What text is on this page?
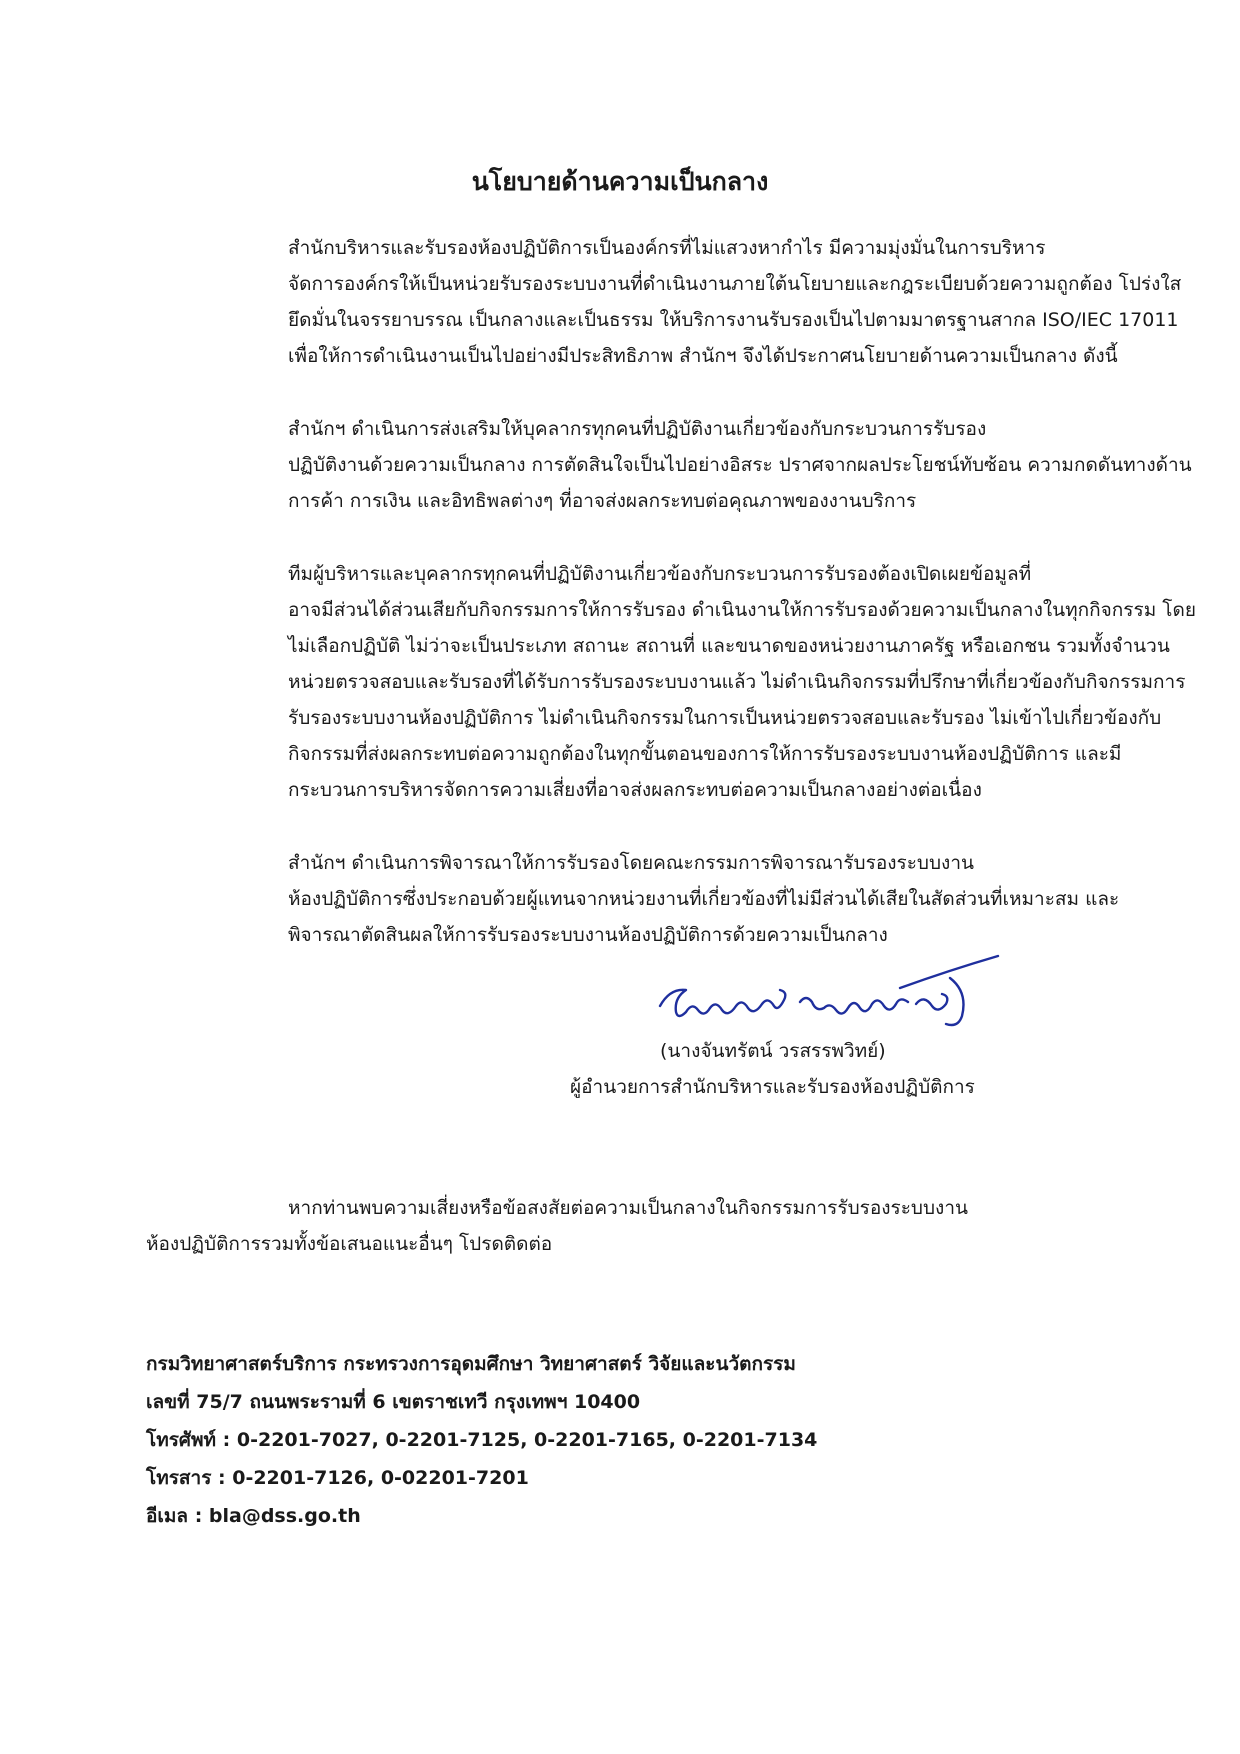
นโยบายด้านความเป็นกลาง

สำนักบริหารและรับรองห้องปฏิบัติการเป็นองค์กรที่ไม่แสวงหากำไร มีความมุ่งมั่นในการบริหาร
จัดการองค์กรให้เป็นหน่วยรับรองระบบงานที่ดำเนินงานภายใต้นโยบายและกฎระเบียบด้วยความถูกต้อง โปร่งใส
ยึดมั่นในจรรยาบรรณ เป็นกลางและเป็นธรรม ให้บริการงานรับรองเป็นไปตามมาตรฐานสากล ISO/IEC 17011
เพื่อให้การดำเนินงานเป็นไปอย่างมีประสิทธิภาพ สำนักฯ จึงได้ประกาศนโยบายด้านความเป็นกลาง ดังนี้

สำนักฯ ดำเนินการส่งเสริมให้บุคลากรทุกคนที่ปฏิบัติงานเกี่ยวข้องกับกระบวนการรับรอง
ปฏิบัติงานด้วยความเป็นกลาง การตัดสินใจเป็นไปอย่างอิสระ ปราศจากผลประโยชน์ทับซ้อน ความกดดันทางด้าน
การค้า การเงิน และอิทธิพลต่างๆ ที่อาจส่งผลกระทบต่อคุณภาพของงานบริการ

ทีมผู้บริหารและบุคลากรทุกคนที่ปฏิบัติงานเกี่ยวข้องกับกระบวนการรับรองต้องเปิดเผยข้อมูลที่
อาจมีส่วนได้ส่วนเสียกับกิจกรรมการให้การรับรอง ดำเนินงานให้การรับรองด้วยความเป็นกลางในทุกกิจกรรม โดย
ไม่เลือกปฏิบัติ ไม่ว่าจะเป็นประเภท สถานะ สถานที่ และขนาดของหน่วยงานภาครัฐ หรือเอกชน รวมทั้งจำนวน
หน่วยตรวจสอบและรับรองที่ได้รับการรับรองระบบงานแล้ว ไม่ดำเนินกิจกรรมที่ปรึกษาที่เกี่ยวข้องกับกิจกรรมการ
รับรองระบบงานห้องปฏิบัติการ ไม่ดำเนินกิจกรรมในการเป็นหน่วยตรวจสอบและรับรอง ไม่เข้าไปเกี่ยวข้องกับ
กิจกรรมที่ส่งผลกระทบต่อความถูกต้องในทุกขั้นตอนของการให้การรับรองระบบงานห้องปฏิบัติการ และมี
กระบวนการบริหารจัดการความเสี่ยงที่อาจส่งผลกระทบต่อความเป็นกลางอย่างต่อเนื่อง

สำนักฯ ดำเนินการพิจารณาให้การรับรองโดยคณะกรรมการพิจารณารับรองระบบงาน
ห้องปฏิบัติการซึ่งประกอบด้วยผู้แทนจากหน่วยงานที่เกี่ยวข้องที่ไม่มีส่วนได้เสียในสัดส่วนที่เหมาะสม และ
พิจารณาตัดสินผลให้การรับรองระบบงานห้องปฏิบัติการด้วยความเป็นกลาง

(นางจันทรัตน์ วรสรรพวิทย์)

ผู้อำนวยการสำนักบริหารและรับรองห้องปฏิบัติการ

หากท่านพบความเสี่ยงหรือข้อสงสัยต่อความเป็นกลางในกิจกรรมการรับรองระบบงาน
ห้องปฏิบัติการรวมทั้งข้อเสนอแนะอื่นๆ โปรดติดต่อ

กรมวิทยาศาสตร์บริการ กระทรวงการอุดมศึกษา วิทยาศาสตร์ วิจัยและนวัตกรรม
เลขที่ 75/7 ถนนพระรามที่ 6 เขตราชเทวี กรุงเทพฯ 10400
โทรศัพท์ : 0-2201-7027, 0-2201-7125, 0-2201-7165, 0-2201-7134
โทรสาร : 0-2201-7126, 0-02201-7201
อีเมล : bla@dss.go.th
